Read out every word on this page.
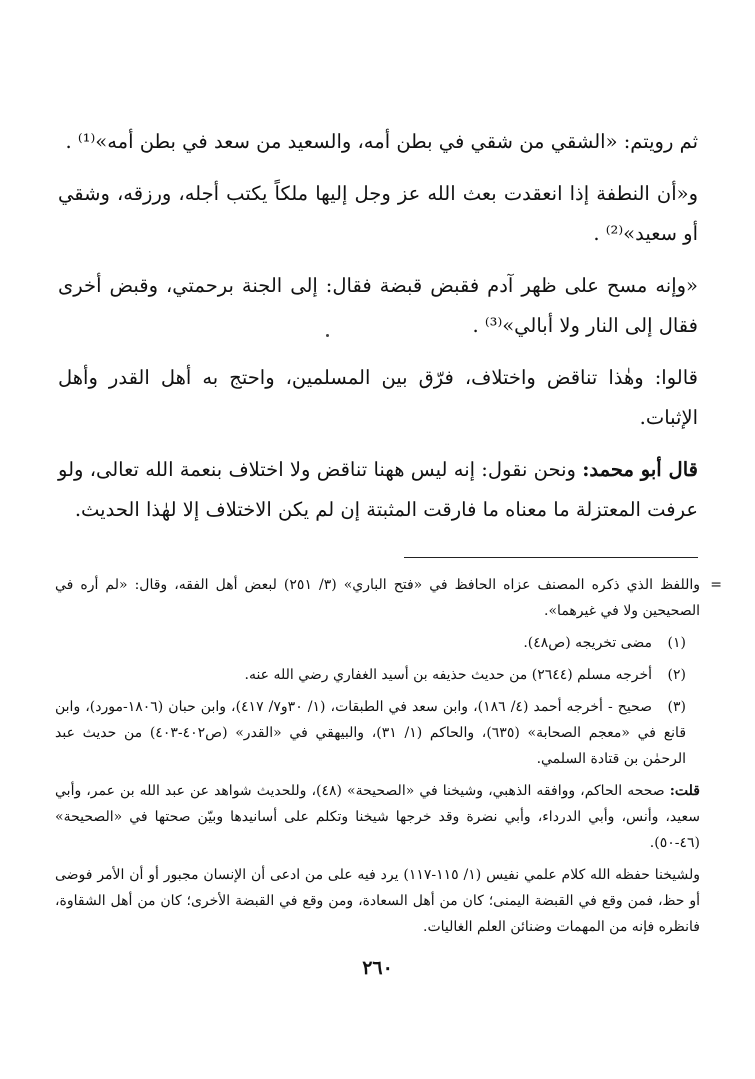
ثم رويتم: «الشقي من شقي في بطن أمه، والسعيد من سعد في بطن أمه»⁽¹⁾ .

و«أن النطفة إذا انعقدت بعث الله عز وجل إليها ملكاً يكتب أجله، ورزقه، وشقي أو سعيد»⁽²⁾ .

«وإنه مسح على ظهر آدم فقبض قبضة فقال: إلى الجنة برحمتي، وقبض أخرى فقال إلى النار ولا أبالي»⁽³⁾ .

قالوا: وهٰذا تناقض واختلاف، فرّق بين المسلمين، واحتج به أهل القدر وأهل الإثبات.

قال أبو محمد: ونحن نقول: إنه ليس ههنا تناقض ولا اختلاف بنعمة الله تعالى، ولو عرفت المعتزلة ما معناه ما فارقت المثبتة إن لم يكن الاختلاف إلا لهٰذا الحديث.

=
واللفظ الذي ذكره المصنف عزاه الحافظ في «فتح الباري» (٣/ ٢٥١) لبعض أهل الفقه، وقال: «لم أره في الصحيحين ولا في غيرهما».

(١)مضى تخريجه (ص٤٨).

(٢)أخرجه مسلم (٢٦٤٤) من حديث حذيفه بن أسيد الغفاري رضي الله عنه.

(٣)صحيح - أخرجه أحمد (٤/ ١٨٦)، وابن سعد في الطبقات، (١/ ٣٠و٧/ ٤١٧)، وابن حبان (١٨٠٦-مورد)، وابن قانع في «معجم الصحابة» (٦٣٥)، والحاكم (١/ ٣١)، والبيهقي في «القدر» (ص٤٠٢-٤٠٣) من حديث عبد الرحمٰن بن قتادة السلمي.

قلت: صححه الحاكم، ووافقه الذهبي، وشيخنا في «الصحيحة» (٤٨)، وللحديث شواهد عن عبد الله بن عمر، وأبي سعيد، وأنس، وأبي الدرداء، وأبي نضرة وقد خرجها شيخنا وتكلم على أسانيدها وبيّن صحتها في «الصحيحة» (٤٦-٥٠).

ولشيخنا حفظه الله كلام علمي نفيس (١/ ١١٥-١١٧) يرد فيه على من ادعى أن الإنسان مجبور أو أن الأمر فوضى أو حظ، فمن وقع في القبضة اليمنى؛ كان من أهل السعادة، ومن وقع في القبضة الأخرى؛ كان من أهل الشقاوة، فانظره فإنه من المهمات وضنائن العلم الغاليات.

٢٦٠
